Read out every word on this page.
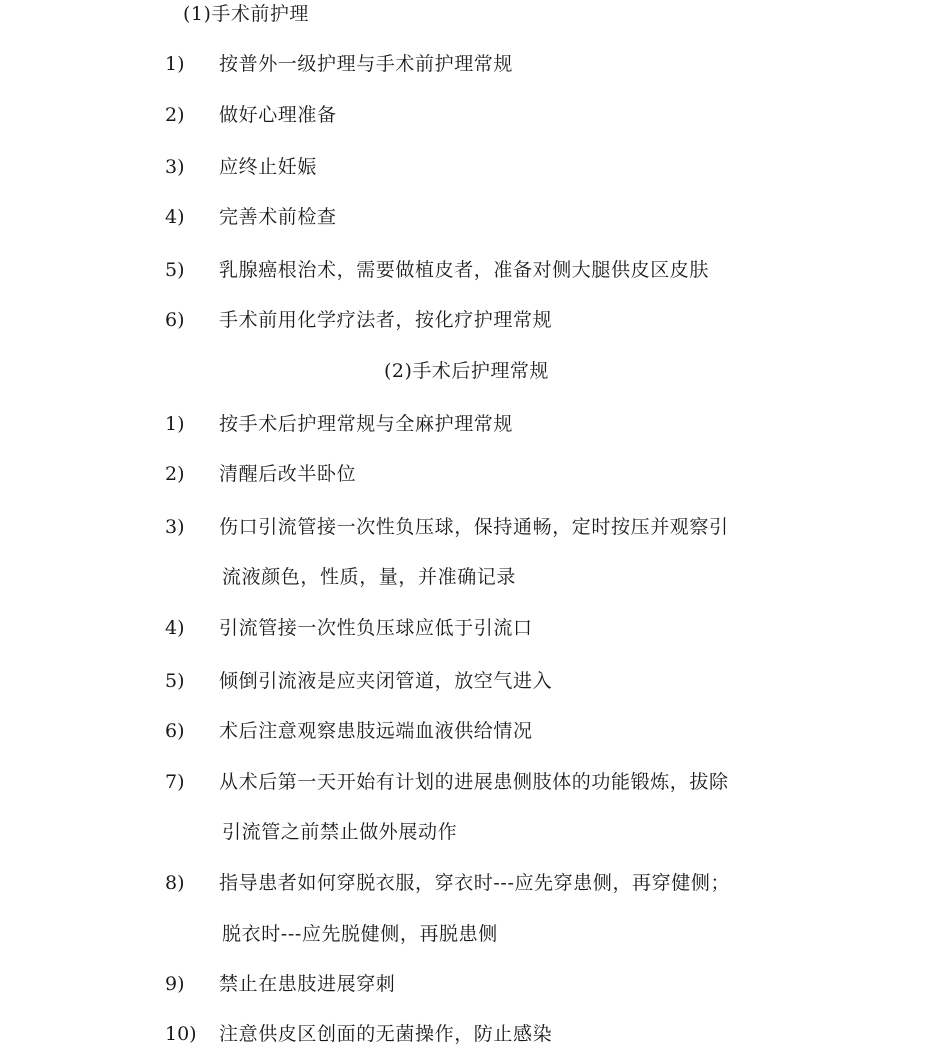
(1)手术前护理
1) 按普外一级护理与手术前护理常规
2) 做好心理准备
3) 应终止妊娠
4) 完善术前检查
5) 乳腺癌根治术，需要做植皮者，准备对侧大腿供皮区皮肤
6) 手术前用化学疗法者，按化疗护理常规
(2)手术后护理常规
1) 按手术后护理常规与全麻护理常规
2) 清醒后改半卧位
3) 伤口引流管接一次性负压球，保持通畅，定时按压并观察引
流液颜色，性质，量，并准确记录
4) 引流管接一次性负压球应低于引流口
5) 倾倒引流液是应夹闭管道，放空气进入
6) 术后注意观察患肢远端血液供给情况
7) 从术后第一天开始有计划的进展患侧肢体的功能锻炼，拔除
引流管之前禁止做外展动作
8) 指导患者如何穿脱衣服，穿衣时---应先穿患侧，再穿健侧；
脱衣时---应先脱健侧，再脱患侧
9) 禁止在患肢进展穿刺
10) 注意供皮区创面的无菌操作，防止感染
